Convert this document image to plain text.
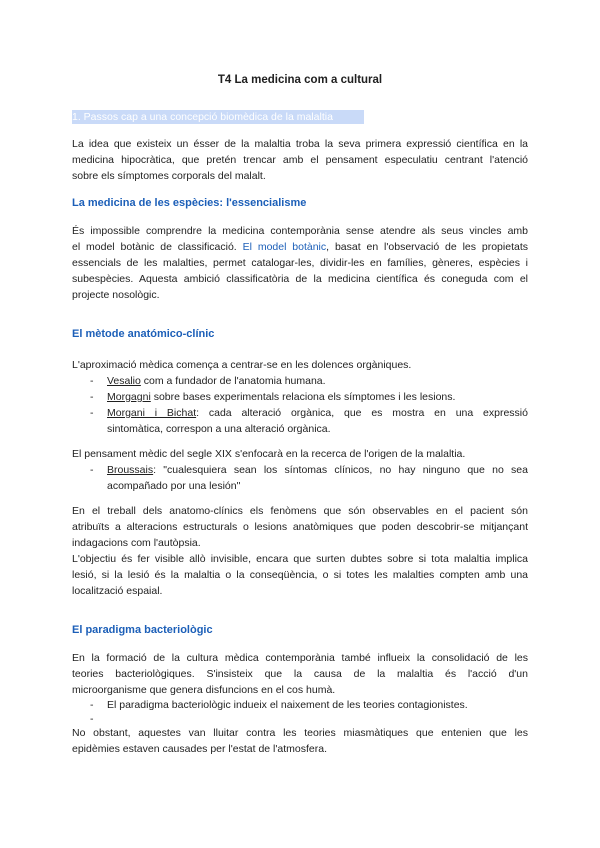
T4 La medicina com a cultural
1. Passos cap a una concepció biomèdica de la malaltia
La idea que existeix un ésser de la malaltia troba la seva primera expressió científica en la
medicina hipocràtica, que pretén trencar amb el pensament especulatiu centrant l'atenció
sobre els símptomes corporals del malalt.
La medicina de les espècies: l'essencialisme
És impossible comprendre la medicina contemporània sense atendre als seus vincles amb
el model botànic de classificació. El model botànic, basat en l'observació de les propietats
essencials de les malalties, permet catalogar-les, dividir-les en famílies, gèneres, espècies i
subespècies. Aquesta ambició classificatòria de la medicina científica és coneguda com el
projecte nosològic.
El mètode anatómico-clínic
L'aproximació mèdica comença a centrar-se en les dolences orgàniques.
- Vesalio com a fundador de l'anatomia humana.
- Morgagni sobre bases experimentals relaciona els símptomes i les lesions.
- Morgani i Bichat: cada alteració orgànica, que es mostra en una expressió
sintomàtica, correspon a una alteració orgànica.
El pensament mèdic del segle XIX s'enfocarà en la recerca de l'origen de la malaltia.
- Broussais: "cualesquiera sean los síntomas clínicos, no hay ninguno que no sea
acompañado por una lesión"
En el treball dels anatomo-clínics els fenòmens que són observables en el pacient són
atribuïts a alteracions estructurals o lesions anatòmiques que poden descobrir-se mitjançant
indagacions com l'autòpsia.
L'objectiu és fer visible allò invisible, encara que surten dubtes sobre si tota malaltia implica
lesió, si la lesió és la malaltia o la conseqüència, o si totes les malalties compten amb una
localització espaial.
El paradigma bacteriològic
En la formació de la cultura mèdica contemporània també influeix la consolidació de les
teories bacteriològiques. S'insisteix que la causa de la malaltia és l'acció d'un
microorganisme que genera disfuncions en el cos humà.
- El paradigma bacteriològic indueix el naixement de les teories contagionistes.
-
No obstant, aquestes van lluitar contra les teories miasmàtiques que entenien que les
epidèmies estaven causades per l'estat de l'atmosfera.
